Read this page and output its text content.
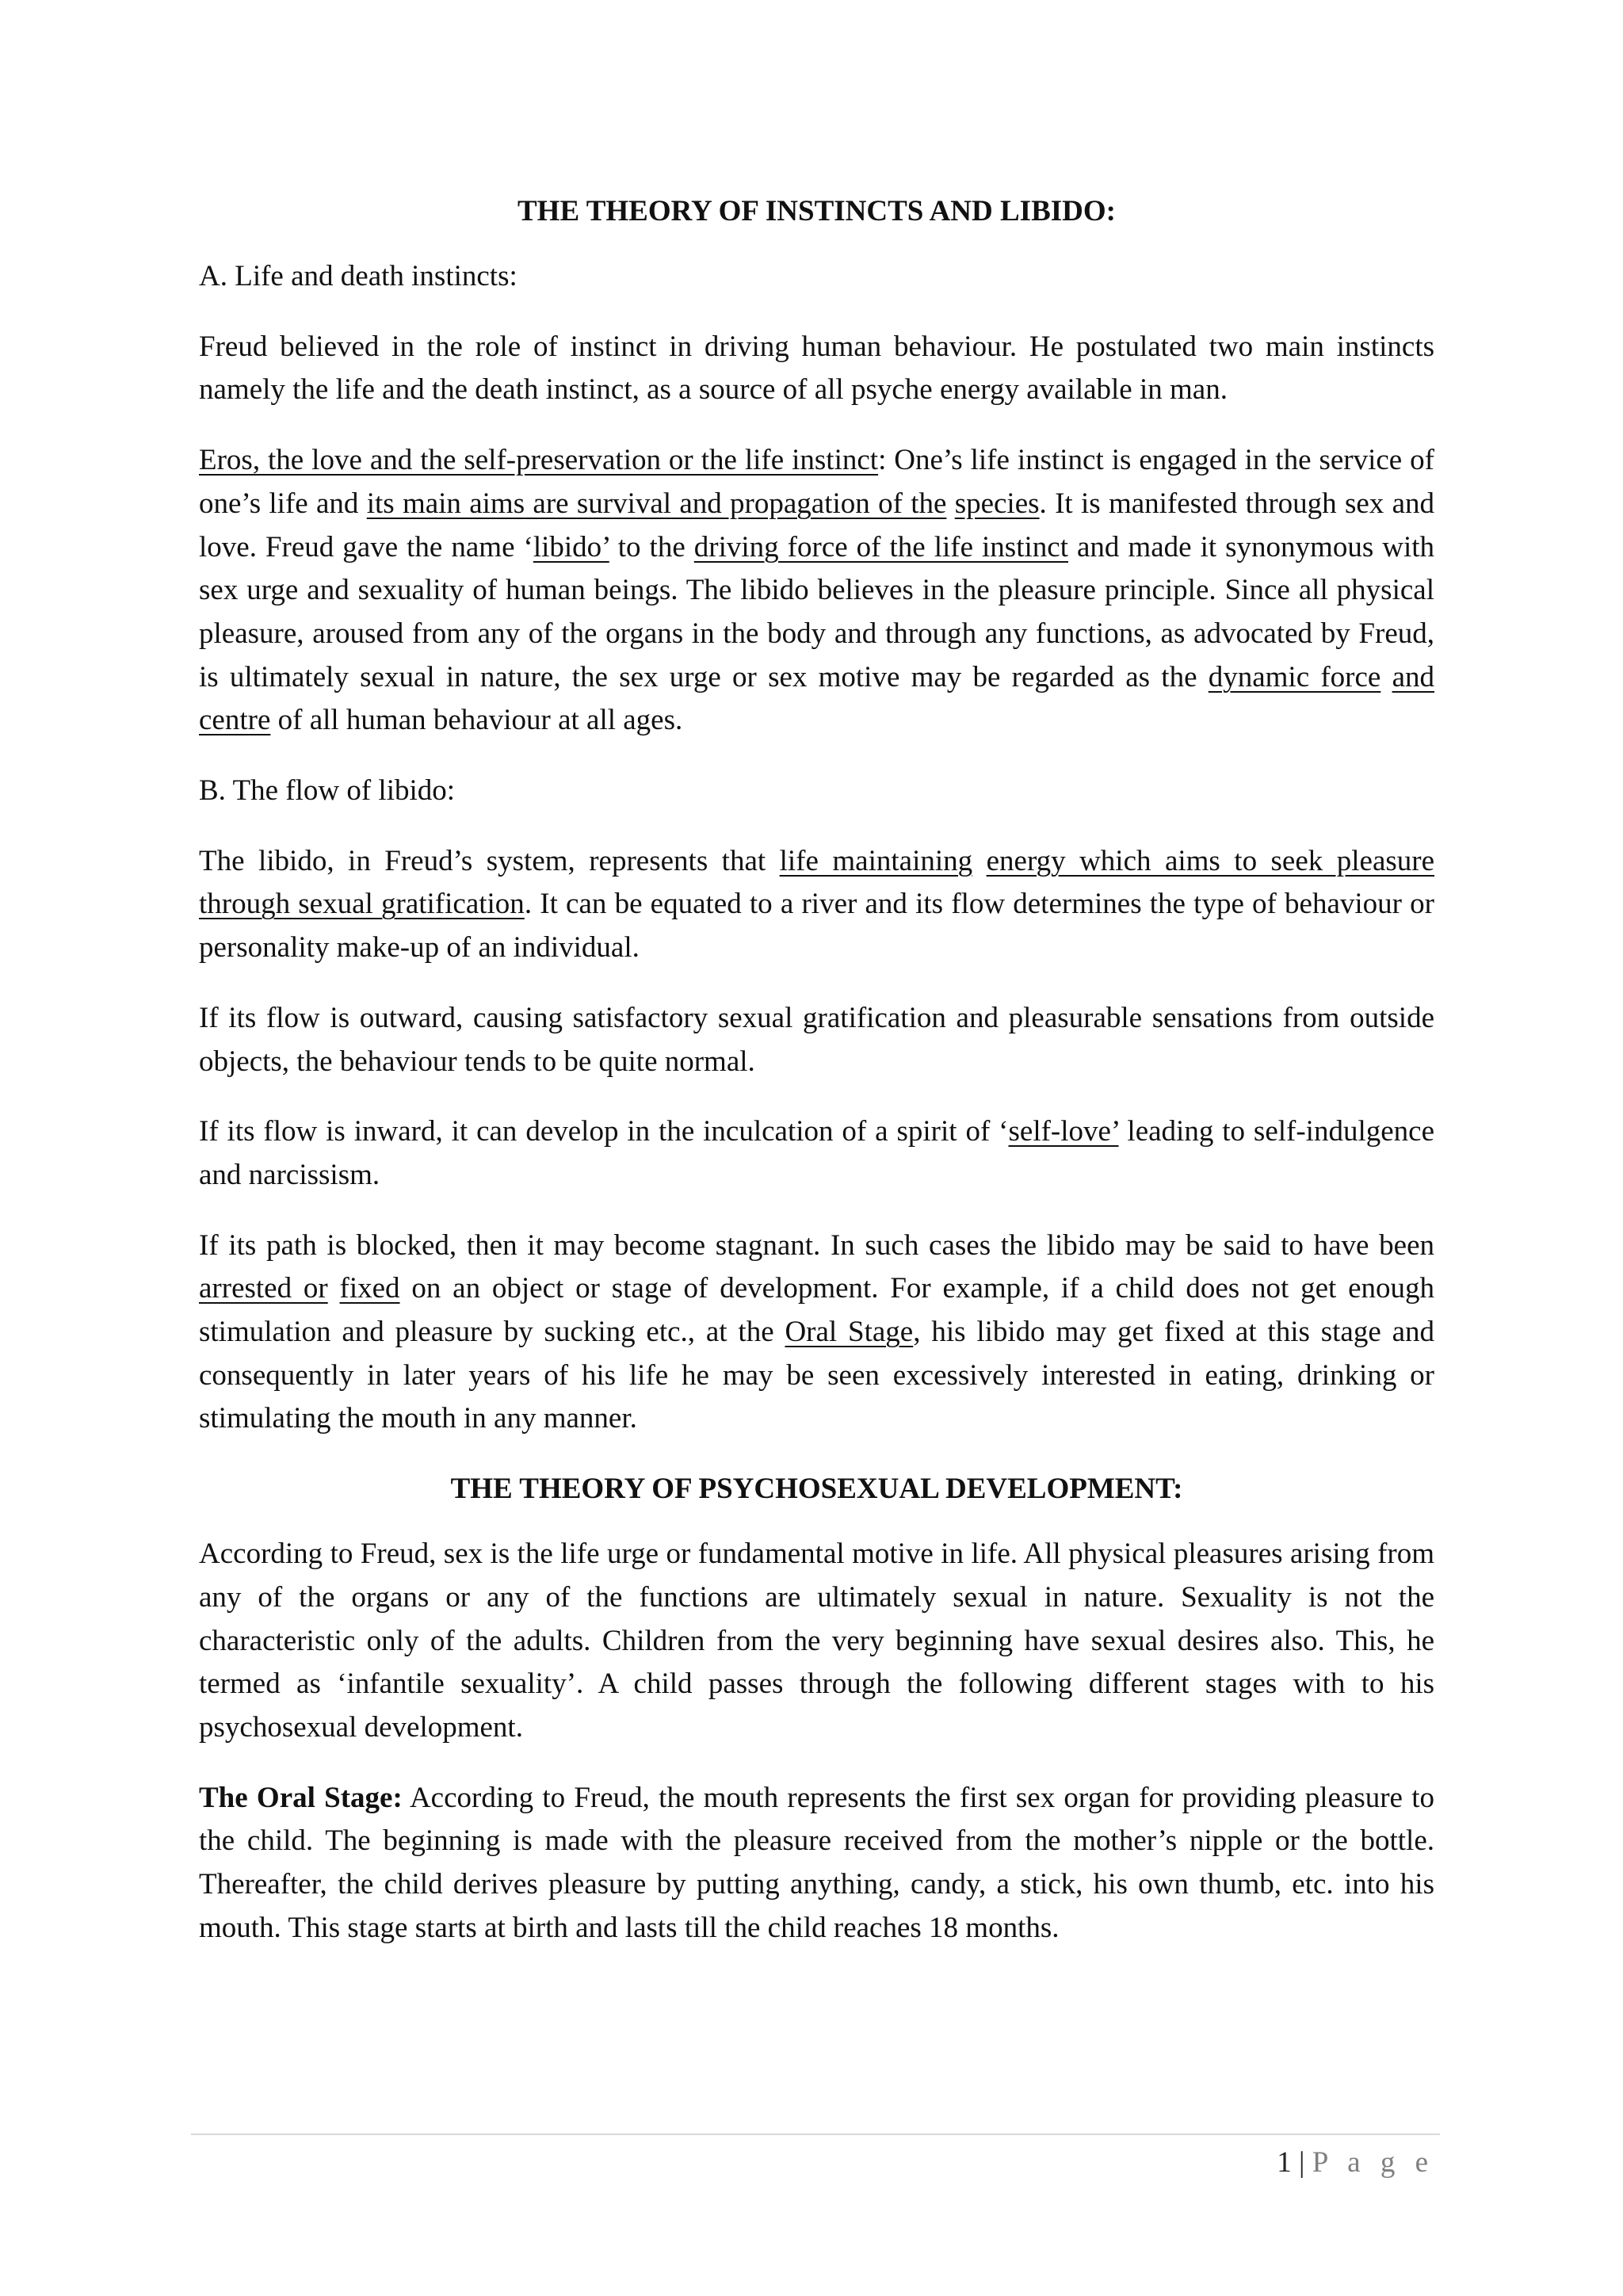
THE THEORY OF INSTINCTS AND LIBIDO:
A. Life and death instincts:
Freud believed in the role of instinct in driving human behaviour. He postulated two main instincts namely the life and the death instinct, as a source of all psyche energy available in man.
Eros, the love and the self-preservation or the life instinct: One’s life instinct is engaged in the service of one’s life and its main aims are survival and propagation of the species. It is manifested through sex and love. Freud gave the name ‘libido’ to the driving force of the life instinct and made it synonymous with sex urge and sexuality of human beings. The libido believes in the pleasure principle. Since all physical pleasure, aroused from any of the organs in the body and through any functions, as advocated by Freud, is ultimately sexual in nature, the sex urge or sex motive may be regarded as the dynamic force and centre of all human behaviour at all ages.
B. The flow of libido:
The libido, in Freud’s system, represents that life maintaining energy which aims to seek pleasure through sexual gratification. It can be equated to a river and its flow determines the type of behaviour or personality make-up of an individual.
If its flow is outward, causing satisfactory sexual gratification and pleasurable sensations from outside objects, the behaviour tends to be quite normal.
If its flow is inward, it can develop in the inculcation of a spirit of ‘self-love’ leading to self-indulgence and narcissism.
If its path is blocked, then it may become stagnant. In such cases the libido may be said to have been arrested or fixed on an object or stage of development. For example, if a child does not get enough stimulation and pleasure by sucking etc., at the Oral Stage, his libido may get fixed at this stage and consequently in later years of his life he may be seen excessively interested in eating, drinking or stimulating the mouth in any manner.
THE THEORY OF PSYCHOSEXUAL DEVELOPMENT:
According to Freud, sex is the life urge or fundamental motive in life. All physical pleasures arising from any of the organs or any of the functions are ultimately sexual in nature. Sexuality is not the characteristic only of the adults. Children from the very beginning have sexual desires also. This, he termed as ‘infantile sexuality’. A child passes through the following different stages with to his psychosexual development.
The Oral Stage: According to Freud, the mouth represents the first sex organ for providing pleasure to the child. The beginning is made with the pleasure received from the mother’s nipple or the bottle. Thereafter, the child derives pleasure by putting anything, candy, a stick, his own thumb, etc. into his mouth. This stage starts at birth and lasts till the child reaches 18 months.
1 | P a g e
